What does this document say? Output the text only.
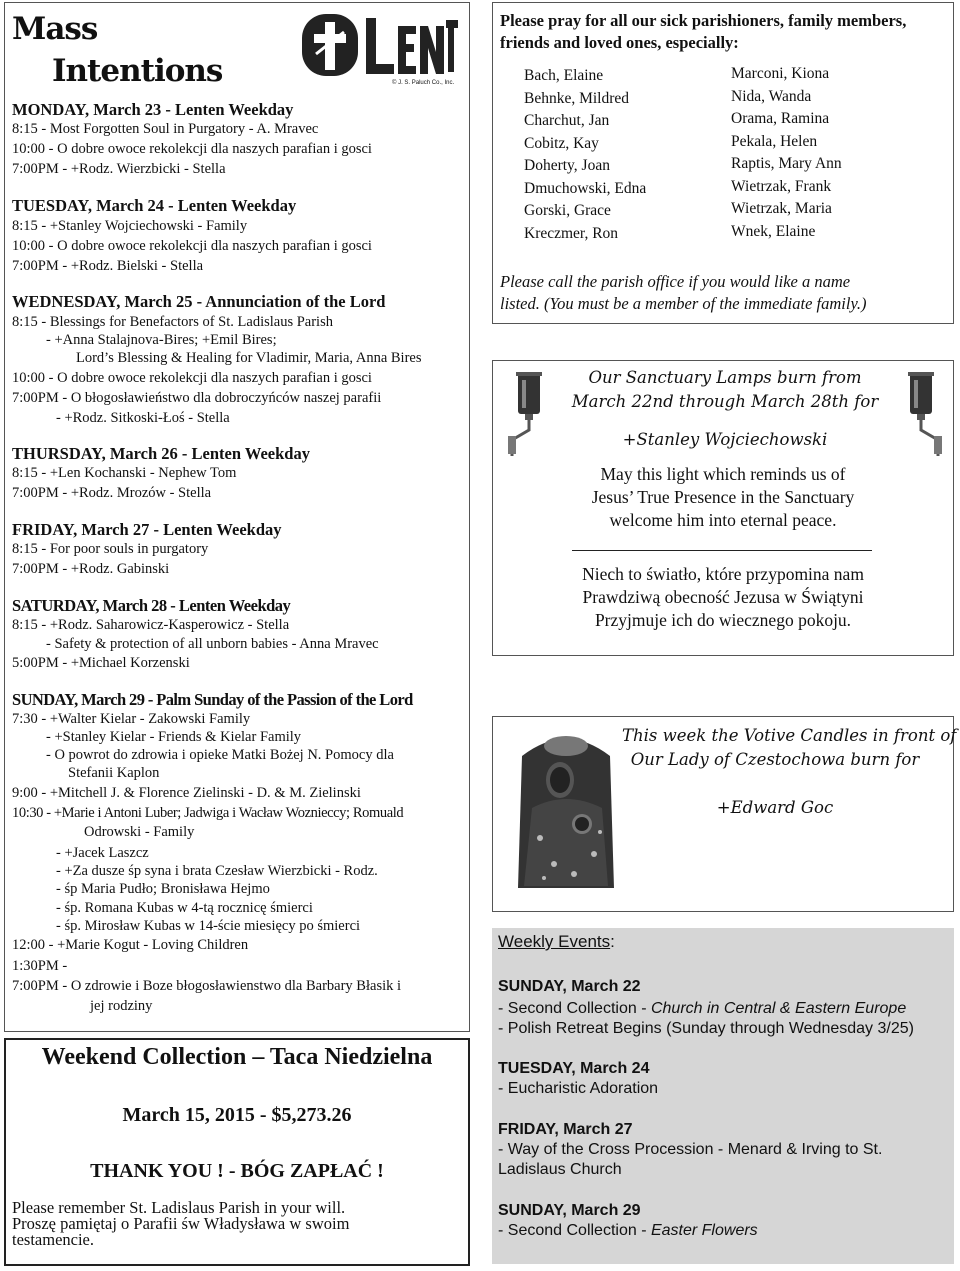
Mass
Intentions	© J. S. Paluch Co., Inc.
MONDAY, March 23 - Lenten Weekday
8:15 - Most Forgotten Soul in Purgatory - A. Mravec
10:00 - O dobre owoce rekolekcji dla naszych parafian i gosci
7:00PM - +Rodz. Wierzbicki - Stella
TUESDAY, March 24 - Lenten Weekday
8:15 - +Stanley Wojciechowski - Family
10:00 - O dobre owoce rekolekcji dla naszych parafian i gosci
7:00PM - +Rodz. Bielski - Stella
WEDNESDAY, March 25 - Annunciation of the Lord
8:15 - Blessings for Benefactors of St. Ladislaus Parish
- +Anna Stalajnova-Bires; +Emil Bires;
Lord’s Blessing & Healing for Vladimir, Maria, Anna Bires
10:00 - O dobre owoce rekolekcji dla naszych parafian i gosci
7:00PM - O błogosławieństwo dla dobroczyńców naszej parafii
- +Rodz. Sitkoski-Łoś - Stella
THURSDAY, March 26 - Lenten Weekday
8:15 - +Len Kochanski - Nephew Tom
7:00PM - +Rodz. Mrozów - Stella
FRIDAY, March 27 - Lenten Weekday
8:15 - For poor souls in purgatory
7:00PM - +Rodz. Gabinski
SATURDAY, March 28 - Lenten Weekday
8:15 - +Rodz. Saharowicz-Kasperowicz - Stella
- Safety & protection of all unborn babies - Anna Mravec
5:00PM - +Michael Korzenski
SUNDAY, March 29 - Palm Sunday of the Passion of the Lord
7:30 - +Walter Kielar - Zakowski Family
- +Stanley Kielar - Friends & Kielar Family
- O powrot do zdrowia i opieke Matki Bożej N. Pomocy dla
Stefanii Kaplon
9:00 - +Mitchell J. & Florence Zielinski - D. & M. Zielinski
10:30 - +Marie i Antoni Luber; Jadwiga i Wacław Woznieccy; Romuald
Odrowski - Family
- +Jacek Laszcz
- +Za dusze śp syna i brata Czesław Wierzbicki - Rodz.
- śp Maria Pudło; Bronisława Hejmo
- śp. Romana Kubas w 4-tą rocznicę śmierci
- śp. Mirosław Kubas w 14-ście miesięcy po śmierci
12:00 - +Marie Kogut - Loving Children
1:30PM -
7:00PM - O zdrowie i Boze błogosławienstwo dla Barbary Błasik i
jej rodziny
Weekend Collection – Taca Niedzielna
March 15, 2015 - $5,273.26
THANK YOU ! - BÓG ZAPŁAĆ !
Please remember St. Ladislaus Parish in your will.
Proszę pamiętaj o Parafii św Władysława w swoim
testamencie.
Please pray for all our sick parishioners, family members,
friends and loved ones, especially:
Bach, Elaine
Behnke, Mildred
Charchut, Jan
Cobitz, Kay
Doherty, Joan
Dmuchowski, Edna
Gorski, Grace
Kreczmer, Ron
Marconi, Kiona
Nida, Wanda
Orama, Ramina
Pekala, Helen
Raptis, Mary Ann
Wietrzak, Frank
Wietrzak, Maria
Wnek, Elaine
Please call the parish office if you would like a name
listed. (You must be a member of the immediate family.)
Our Sanctuary Lamps burn from
March 22nd through March 28th for
+Stanley Wojciechowski
May this light which reminds us of
Jesus’ True Presence in the Sanctuary
welcome him into eternal peace.
Niech to światło, które przypomina nam
Prawdziwą obecność Jezusa w Świątyni
Przyjmuje ich do wiecznego pokoju.
This week the Votive Candles in front of
Our Lady of Czestochowa burn for
+Edward Goc
Weekly Events:
SUNDAY, March 22
- Second Collection - Church in Central & Eastern Europe
- Polish Retreat Begins (Sunday through Wednesday 3/25)
TUESDAY, March 24
- Eucharistic Adoration
FRIDAY, March 27
- Way of the Cross Procession - Menard & Irving to St.
Ladislaus Church
SUNDAY, March 29
- Second Collection - Easter Flowers
